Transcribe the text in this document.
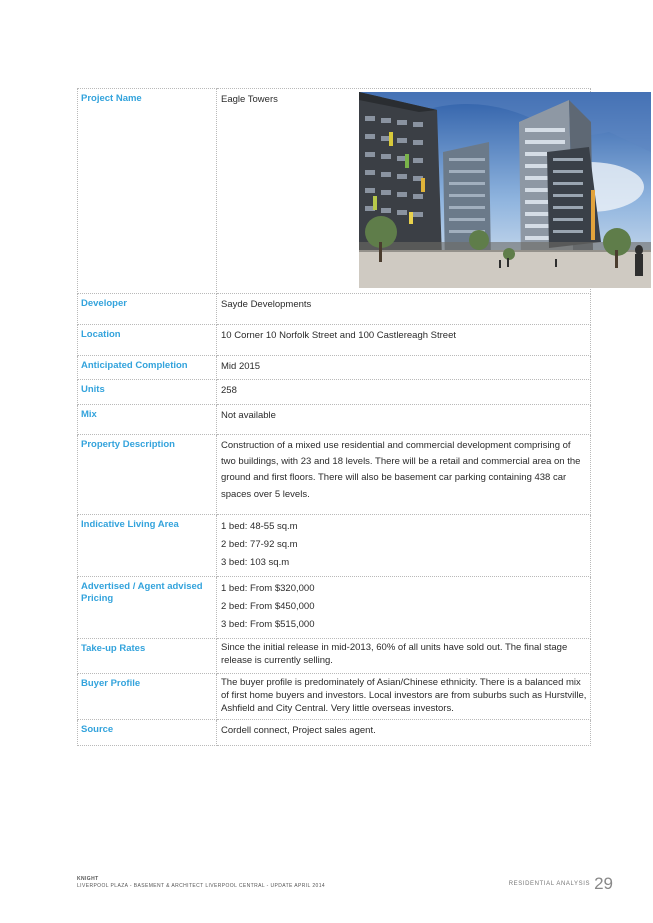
Project Name	Eagle Towers

Developer	Sayde Developments
Location	10 Corner 10 Norfolk Street and 100 Castlereagh Street
Anticipated Completion	Mid 2015
Units	258
Mix	Not available
Property Description	Construction of a mixed use residential and commercial development comprising of two buildings, with 23 and 18 levels. There will be a retail and commercial area on the ground and first floors. There will also be basement car parking containing 438 car spaces over 5 levels.
Indicative Living Area	1 bed: 48-55 sq.m

2 bed: 77-92 sq.m

3 bed: 103 sq.m

Advertised / Agent advised Pricing	1 bed: From $320,000

2 bed: From $450,000

3 bed: From $515,000

Take-up Rates	Since the initial release in mid-2013, 60% of all units have sold out. The final stage release is currently selling.
Buyer Profile	The buyer profile is predominately of Asian/Chinese ethnicity. There is a balanced mix of first home buyers and investors. Local investors are from suburbs such as Hurstville, Ashfield and City Central. Very little overseas investors.
Source	Cordell connect, Project sales agent.
KNIGHT
LIVERPOOL PLAZA - BASEMENT & ARCHITECT LIVERPOOL CENTRAL - UPDATE APRIL 2014	$^{RESIDENTIAL ANALYSIS}$ 29
